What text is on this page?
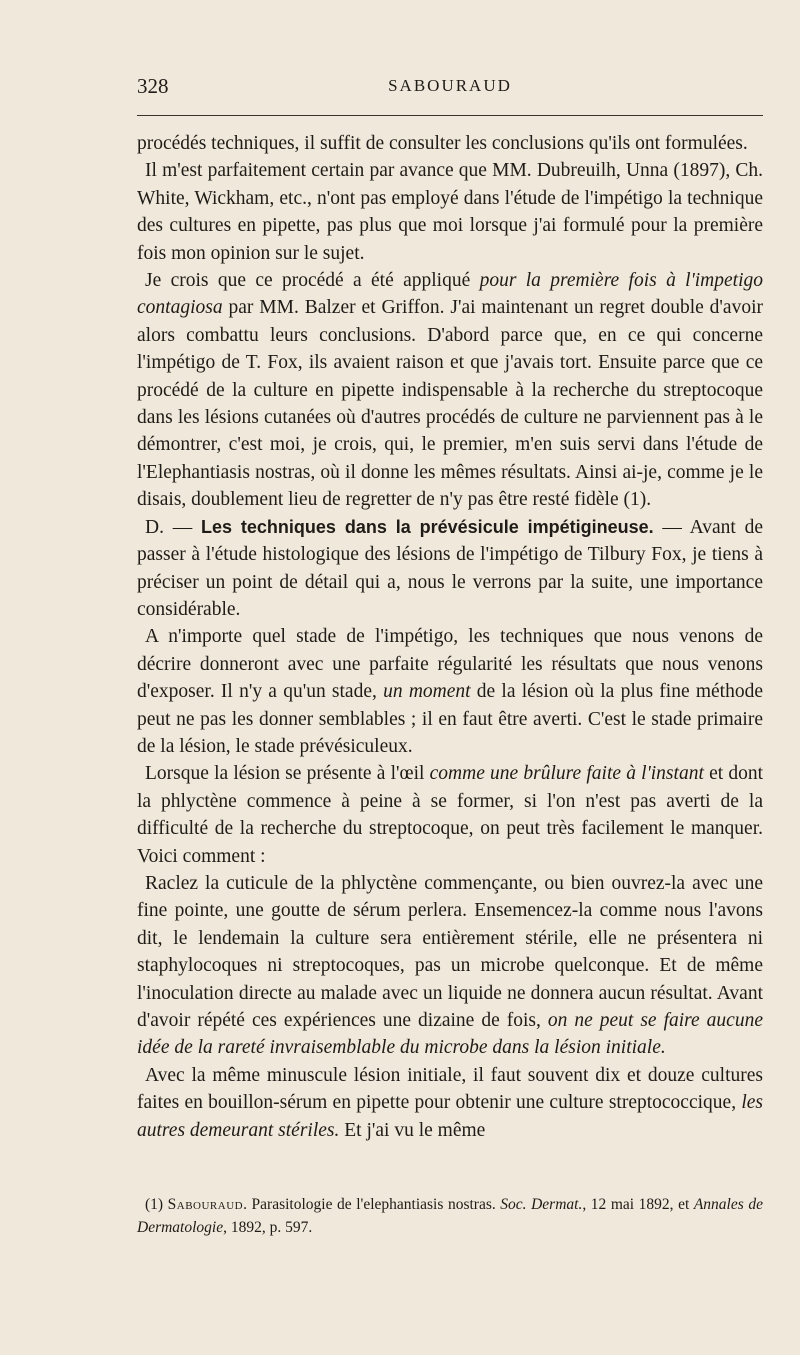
328	SABOURAUD

procédés techniques, il suffit de consulter les conclusions qu'ils ont formulées.

Il m'est parfaitement certain par avance que MM. Dubreuilh, Unna (1897), Ch. White, Wickham, etc., n'ont pas employé dans l'étude de l'impétigo la technique des cultures en pipette, pas plus que moi lorsque j'ai formulé pour la première fois mon opinion sur le sujet.

Je crois que ce procédé a été appliqué pour la première fois à l'impetigo contagiosa par MM. Balzer et Griffon. J'ai maintenant un regret double d'avoir alors combattu leurs conclusions. D'abord parce que, en ce qui concerne l'impétigo de T. Fox, ils avaient raison et que j'avais tort. Ensuite parce que ce procédé de la culture en pipette indispensable à la recherche du streptocoque dans les lésions cutanées où d'autres procédés de culture ne parviennent pas à le démontrer, c'est moi, je crois, qui, le premier, m'en suis servi dans l'étude de l'Elephantiasis nostras, où il donne les mêmes résultats. Ainsi ai-je, comme je le disais, doublement lieu de regretter de n'y pas être resté fidèle (1).

D. — Les techniques dans la prévésicule impétigineuse. — Avant de passer à l'étude histologique des lésions de l'impétigo de Tilbury Fox, je tiens à préciser un point de détail qui a, nous le verrons par la suite, une importance considérable.

A n'importe quel stade de l'impétigo, les techniques que nous venons de décrire donneront avec une parfaite régularité les résultats que nous venons d'exposer. Il n'y a qu'un stade, un moment de la lésion où la plus fine méthode peut ne pas les donner semblables ; il en faut être averti. C'est le stade primaire de la lésion, le stade prévésiculeux.

Lorsque la lésion se présente à l'œil comme une brûlure faite à l'instant et dont la phlyctène commence à peine à se former, si l'on n'est pas averti de la difficulté de la recherche du streptocoque, on peut très facilement le manquer. Voici comment :

Raclez la cuticule de la phlyctène commençante, ou bien ouvrez-la avec une fine pointe, une goutte de sérum perlera. Ensemencez-la comme nous l'avons dit, le lendemain la culture sera entièrement stérile, elle ne présentera ni staphylocoques ni streptocoques, pas un microbe quelconque. Et de même l'inoculation directe au malade avec un liquide ne donnera aucun résultat. Avant d'avoir répété ces expériences une dizaine de fois, on ne peut se faire aucune idée de la rareté invraisemblable du microbe dans la lésion initiale.

Avec la même minuscule lésion initiale, il faut souvent dix et douze cultures faites en bouillon-sérum en pipette pour obtenir une culture streptococcique, les autres demeurant stériles. Et j'ai vu le même

(1) Sabouraud. Parasitologie de l'elephantiasis nostras. Soc. Dermat., 12 mai 1892, et Annales de Dermatologie, 1892, p. 597.
